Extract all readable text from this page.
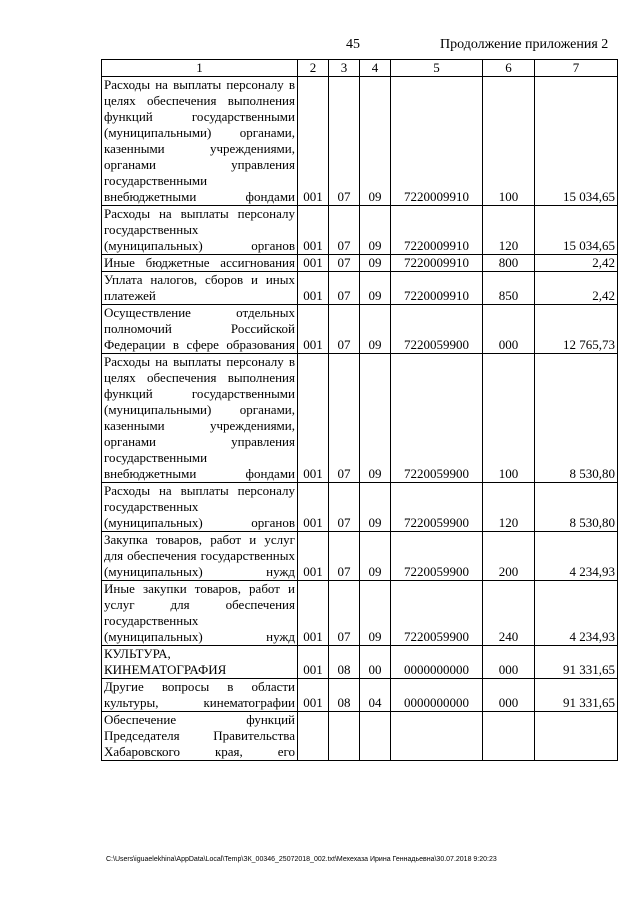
45	Продолжение приложения 2
1	2	3	4	5	6	7
Расходы на выплаты персоналу в целях обеспечения выполнения функций государственными (муниципальными) органами, казенными учреждениями, органами управления государственными внебюджетными фондами	001	07	09	7220009910	100	15 034,65
Расходы на выплаты персоналу государственных (муниципальных) органов	001	07	09	7220009910	120	15 034,65
Иные бюджетные ассигнования	001	07	09	7220009910	800	2,42
Уплата налогов, сборов и иных платежей	001	07	09	7220009910	850	2,42
Осуществление отдельных полномочий Российской Федерации в сфере образования	001	07	09	7220059900	000	12 765,73
Расходы на выплаты персоналу в целях обеспечения выполнения функций государственными (муниципальными) органами, казенными учреждениями, органами управления государственными внебюджетными фондами	001	07	09	7220059900	100	8 530,80
Расходы на выплаты персоналу государственных (муниципальных) органов	001	07	09	7220059900	120	8 530,80
Закупка товаров, работ и услуг для обеспечения государственных (муниципальных) нужд	001	07	09	7220059900	200	4 234,93
Иные закупки товаров, работ и услуг для обеспечения государственных (муниципальных) нужд	001	07	09	7220059900	240	4 234,93
КУЛЬТУРА, КИНЕМАТОГРАФИЯ	001	08	00	0000000000	000	91 331,65
Другие вопросы в области культуры, кинематографии	001	08	04	0000000000	000	91 331,65
Обеспечение функций Председателя Правительства Хабаровского края, его						
C:\Users\iguaelekhina\AppData\Local\Temp\ЗК_00346_25072018_002.txt\Мехехаза Ирина Геннадьевна\30.07.2018 9:20:23
